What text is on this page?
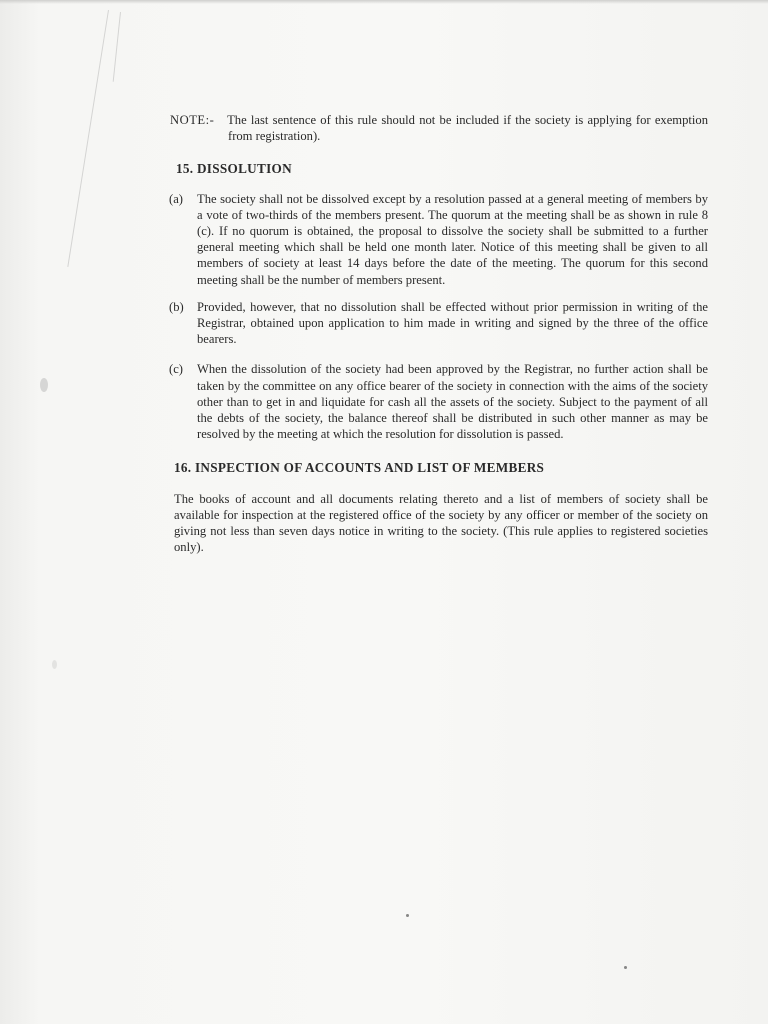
NOTE:- The last sentence of this rule should not be included if the society is applying for exemption from registration).

15. DISSOLUTION
(a)	The society shall not be dissolved except by a resolution passed at a general meeting of members by a vote of two-thirds of the members present. The quorum at the meeting shall be as shown in rule 8 (c). If no quorum is obtained, the proposal to dissolve the society shall be submitted to a further general meeting which shall be held one month later. Notice of this meeting shall be given to all members of society at least 14 days before the date of the meeting. The quorum for this second meeting shall be the number of members present.
(b)	Provided, however, that no dissolution shall be effected without prior permission in writing of the Registrar, obtained upon application to him made in writing and signed by the three of the office bearers.
(c)	When the dissolution of the society had been approved by the Registrar, no further action shall be taken by the committee on any office bearer of the society in connection with the aims of the society other than to get in and liquidate for cash all the assets of the society. Subject to the payment of all the debts of the society, the balance thereof shall be distributed in such other manner as may be resolved by the meeting at which the resolution for dissolution is passed.
16. INSPECTION OF ACCOUNTS AND LIST OF MEMBERS

The books of account and all documents relating thereto and a list of members of society shall be available for inspection at the registered office of the society by any officer or member of the society on giving not less than seven days notice in writing to the society. (This rule applies to registered societies only).
